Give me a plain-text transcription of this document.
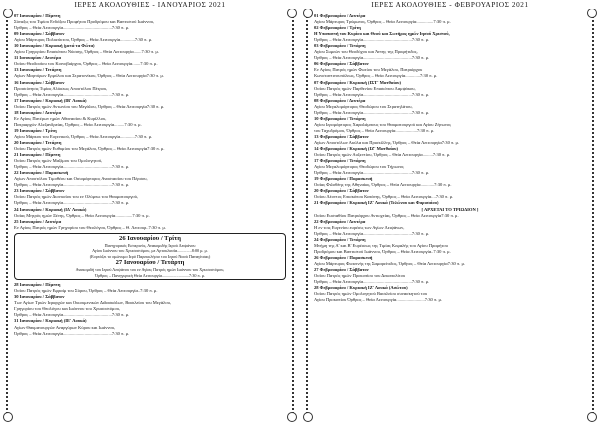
ΙΕΡΕΣ ΑΚΟΛΟΥΘΙΕΣ - ΙΑΝΟΥΑΡΙΟΣ 2021
07 Ιανουαρίου / Πέμπτη
Σύναξις του Τιμίου Ενδόξου Προφήτου Προδρόμου και Βαπτιστού Ιωάννου,
Όρθρος – Θεία Λειτουργία...........................................7:30 π. μ.
09 Ιανουαρίου / Σάββατον
Αγίου Μάρτυρος Πολυεύκτου, Όρθρος – Θεία Λειτουργία.............7:30 π. μ.
10 Ιανουαρίου / Κυριακή (μετά τα Φώτα)
Αγίου Γρηγορίου Επισκόπου Νύσσης, Όρθρος – Θεία Λειτουργία.......7:30 π. μ.
11 Ιανουαρίου / Δευτέρα
Οσίου Θεοδοσίου του Κοινοβιάρχου, Όρθρος – Θεία Λειτουργία.......7:30 π. μ.
13 Ιανουαρίου / Τετάρτη
Αγίων Μαρτύρων Ερμύλου και Στρατονίκου, Όρθρος – Θεία Λειτουργία7:30 π. μ.
16 Ιανουαρίου / Σάββατον
Προσκύνησις Τιμίας Αλύσεως Αποστόλου Πέτρου,
Όρθρος – Θεία Λειτουργία...........................................7:30 π. μ.
17 Ιανουαρίου / Κυριακή (ΙΒ' Λουκά)
Οσίου Πατρός ημών Αντωνίου του Μεγάλου, Όρθρος – Θεία Λειτουργία7:30 π. μ.
18 Ιανουαρίου / Δευτέρα
Εν Αγίοις Πατέρων ημών Αθανασίου & Κυρίλλου,
Πατριαρχών Αλεξανδρείας, Όρθρος – Θεία Λειτουργία.........7:30 π. μ.
19 Ιανουαρίου / Τρίτη
Αγίου Μάρκου του Ευγενικού, Όρθρος – Θεία Λειτουργία.............7:30 π. μ.
20 Ιανουαρίου / Τετάρτη
Οσίου Πατρός ημών Ευθυμίου του Μεγάλου, Όρθρος – Θεία Λειτουργία7:30 π. μ.
21 Ιανουαρίου / Πέμπτη
Οσίου Πατρός ημών Μαξίμου του Ομολογητού,
Όρθρος – Θεία Λειτουργία...........................................7:30 π. μ.
22 Ιανουαρίου / Παρασκευή
Αγίων Αποστόλου Τιμοθέου και Οσιομάρτυρος Αναστασίου του Πέρσου,
Όρθρος – Θεία Λειτουργία...........................................7:30 π. μ.
23 Ιανουαρίου / Σάββατον
Οσίου Πατρός ημών Διονυσίου του εν Ολύμπω του Θαυματουργού,
Όρθρος – Θεία Λειτουργία...........................................7:30 π. μ.
24 Ιανουαρίου / Κυριακή (ΙΔ' Λουκά)
Οσίας Μητρός ημών Ξένης, Όρθρος – Θεία Λειτουργία...............7:30 π. μ.
25 Ιανουαρίου / Δευτέρα
Εν Αγίοις Πατρός ημών Γρηγορίου του Θεολόγου, Όρθρος – Θ. Λειτουρ..7:30 π. μ.
26 Ιανουαρίου / Τρίτη
Πανηγυρικός Εσπερινός, Ανακομιδής Ιερού Λειψάνου
Αγίου Ιωάννου του Χρυσοστόμου, με Αρτοκλασία..............8:00 μ. μ.
(Εορτάζει το ομώνυμο Ιερό Παρεκκλήσιο του Ιερού Ναού Παναγίτσας)
27 Ιανουαρίου / Τετάρτη
Ανακομιδή του Ιερού Λειψάνου του εν Αγίοις Πατρός ημών Ιωάννου του Χρυσοστόμου,
Όρθρος – Πανηγυρική Θεία Λειτουργία..........................7:30 π. μ.
28 Ιανουαρίου / Πέμπτη
Οσίου Πατρός ημών Εφραίμ του Σύρου, Όρθρος – Θεία Λειτουργία..7:30 π. μ.
30 Ιανουαρίου / Σάββατον
Των Αγίων Τριών Ιεραρχών και Οικουμενικών Διδασκάλων, Βασιλείου του Μεγάλου,
Γρηγορίου του Θεολόγου και Ιωάννου του Χρυσοστόμου,
Όρθρος – Θεία Λειτουργία...........................................7:30 π. μ.
31 Ιανουαρίου / Κυριακή (ΙΕ' Λουκά)
Αγίων Θαυματουργών Αναργύρων Κύρου και Ιωάννου,
Όρθρος – Θεία Λειτουργία...........................................7:30 π. μ.
ΙΕΡΕΣ ΑΚΟΛΟΥΘΙΕΣ - ΦΕΒΡΟΥΑΡΙΟΣ 2021
01 Φεβρουαρίου / Δευτέρα
Αγίου Μάρτυρος Τρύφωνος, Όρθρος – Θεία Λειτουργία...............7:30 π. μ.
02 Φεβρουαρίου / Τρίτη
Η Υπαπαντή του Κυρίου και Θεού και Σωτήρος ημών Ιησού Χριστού,
Όρθρος – Θεία Λειτουργία...........................................7:30 π. μ.
03 Φεβρουαρίου / Τετάρτη
Αγίου Συμεών του Θεοδόχου και Άννης της Προφήτιδος,
Όρθρος – Θεία Λειτουργία...........................................7:30 π. μ.
06 Φεβρουαρίου / Σάββατον
Εν Αγίοις Πατρός ημών Φωτίου του Μεγάλου, Πατριάρχου
Κωνσταντινουπόλεως, Όρθρος – Θεία Λειτουργία.............7:30 π. μ.
07 Φεβρουαρίου / Κυριακή (ΙΣΤ' Ματθαίου)
Οσίου Πατρός ημών Παρθενίου Επισκόπου Λαμψάκου,
Όρθρος – Θεία Λειτουργία...........................................7:30 π. μ.
08 Φεβρουαρίου / Δευτέρα
Αγίου Μεγαλομάρτυρος Θεοδώρου του Στρατηλάτου,
Όρθρος – Θεία Λειτουργία...........................................7:30 π. μ.
10 Φεβρουαρίου / Τετάρτη
Αγίου Ιερομάρτυρος Χαραλάμπους του Θαυματουργού και Αγίου Ζήνωνος
του Ταχυδρόμου, Όρθρος – Θεία Λειτουργία...................7:30 π. μ.
13 Φεβρουαρίου / Σάββατον
Αγίων Αποστόλων Ακύλα και Πρισκίλλης, Όρθρος – Θεία Λειτουργία7:30 π. μ.
14 Φεβρουαρίου / Κυριακή (ΙΖ' Ματθαίου)
Οσίου Πατρός ημών Αυξεντίου, Όρθρος – Θεία Λειτουργία.........7:30 π. μ.
17 Φεβρουαρίου / Τετάρτη
Αγίου Μεγαλομάρτυρος Θεοδώρου του Τήρωνος
Όρθρος – Θεία Λειτουργία...........................................7:30 π. μ.
19 Φεβρουαρίου / Παρασκευή
Οσίας Φιλοθέης της Αθηναίας, Όρθρος – Θεία Λειτουργία............7:30 π. μ.
20 Φεβρουαρίου / Σάββατον
Οσίου Λέοντος Επισκόπου Κατάνης, Όρθρος – Θεία Λειτουργία....7:30 π. μ.
21 Φεβρουαρίου / Κυριακή ΙΖ' Λουκά (Τελώνου και Φαρισαίου)
[ ΑΡΧΕΤΑΙ ΤΟ ΤΡΙΩΔΙΟΝ ]
Οσίου Ευσταθίου Πατριάρχου Αντιοχείας, Όρθρος – Θεία Λειτουργία7:30 π. μ.
22 Φεβρουαρίου / Δευτέρα
Η εν τοις Ευγενίου ευρέσις των Αγίων Λειψάνων,
Όρθρος – Θεία Λειτουργία...........................................7:30 π. μ.
24 Φεβρουαρίου / Τετάρτη
Μνήμη της Α' και Β' Ευρέσεως της Τιμίας Κεφαλής του Αγίου Προφήτου
Προδρόμου και Βαπτιστού Ιωάννου, Όρθρος – Θεία Λειτουργία..7:30 π. μ.
26 Φεβρουαρίου / Παρασκευή
Αγίου Μάρτυρος Φωτεινής της Σαμαρείτιδος, Όρθρος – Θεία Λειτουργία7:30 π. μ.
27 Φεβρουαρίου / Σάββατον
Οσίου Πατρός ημών Προκοπίου του Δεκαπολίτου
Όρθρος – Θεία Λειτουργία...........................................7:30 π. μ.
28 Φεβρουαρίου / Κυριακή ΙΖ' Λουκά (Ασώτου)
Οσίου Πατρός ημών Ομολογητού Βασιλείου συνασκητού του
Αγίου Προκοπίου Όρθρος – Θεία Λειτουργία.........................7:30 π. μ.
